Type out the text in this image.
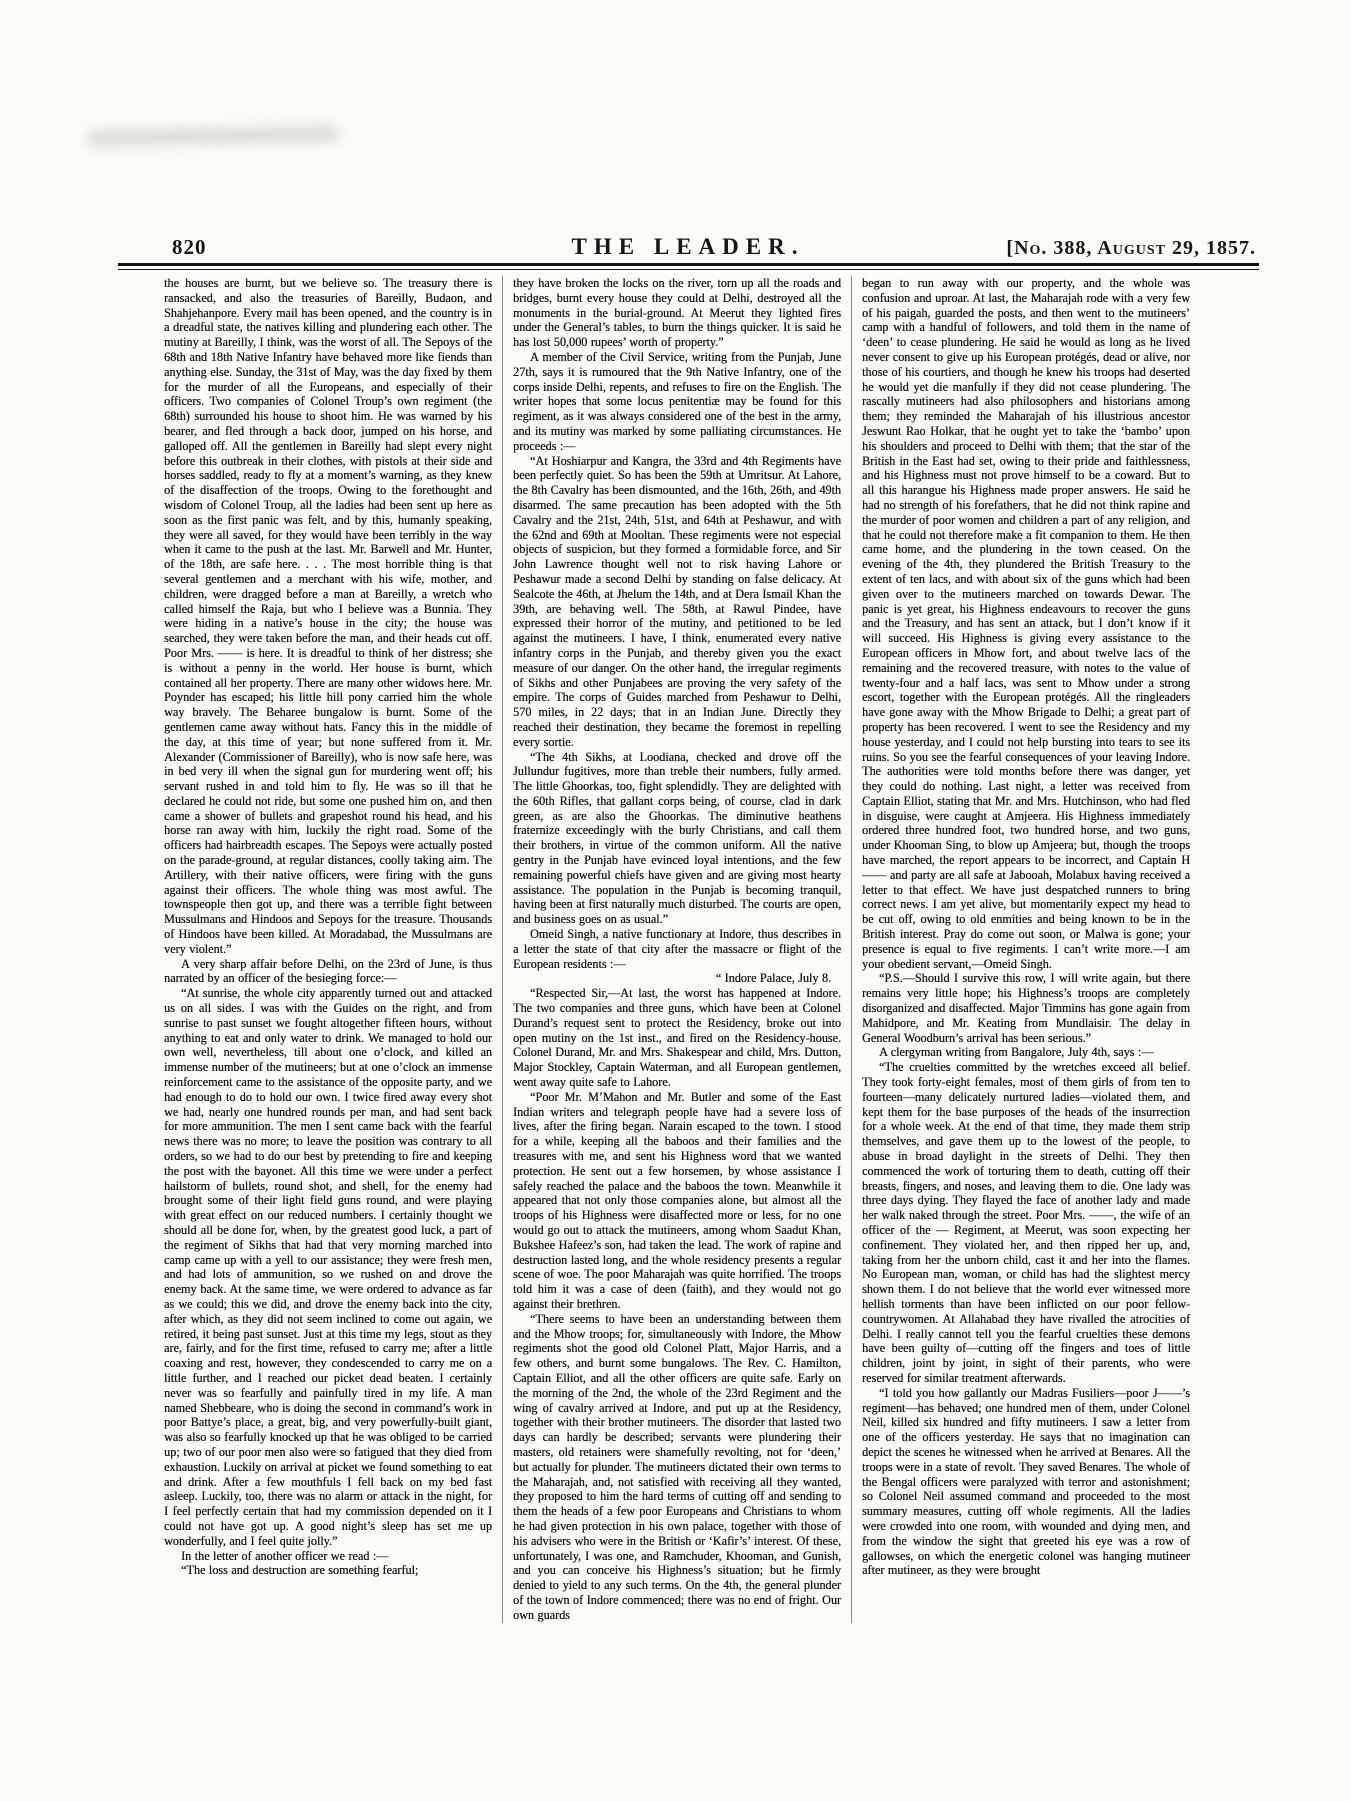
820	THE LEADER.	[No. 388, August 29, 1857.

the houses are burnt, but we believe so. The treasury there is ransacked, and also the treasuries of Bareilly, Budaon, and Shahjehanpore. Every mail has been opened, and the country is in a dreadful state, the natives killing and plundering each other. The mutiny at Bareilly, I think, was the worst of all. The Sepoys of the 68th and 18th Native Infantry have behaved more like fiends than anything else. Sunday, the 31st of May, was the day fixed by them for the murder of all the Europeans, and especially of their officers. Two companies of Colonel Troup’s own regiment (the 68th) surrounded his house to shoot him. He was warned by his bearer, and fled through a back door, jumped on his horse, and galloped off. All the gentlemen in Bareilly had slept every night before this outbreak in their clothes, with pistols at their side and horses saddled, ready to fly at a moment’s warning, as they knew of the disaffection of the troops. Owing to the forethought and wisdom of Colonel Troup, all the ladies had been sent up here as soon as the first panic was felt, and by this, humanly speaking, they were all saved, for they would have been terribly in the way when it came to the push at the last. Mr. Barwell and Mr. Hunter, of the 18th, are safe here. . . . The most horrible thing is that several gentlemen and a merchant with his wife, mother, and children, were dragged before a man at Bareilly, a wretch who called himself the Raja, but who I believe was a Bunnia. They were hiding in a native’s house in the city; the house was searched, they were taken before the man, and their heads cut off. Poor Mrs. —— is here. It is dreadful to think of her distress; she is without a penny in the world. Her house is burnt, which contained all her property. There are many other widows here. Mr. Poynder has escaped; his little hill pony carried him the whole way bravely. The Beharee bungalow is burnt. Some of the gentlemen came away without hats. Fancy this in the middle of the day, at this time of year; but none suffered from it. Mr. Alexander (Commissioner of Bareilly), who is now safe here, was in bed very ill when the signal gun for murdering went off; his servant rushed in and told him to fly. He was so ill that he declared he could not ride, but some one pushed him on, and then came a shower of bullets and grapeshot round his head, and his horse ran away with him, luckily the right road. Some of the officers had hairbreadth escapes. The Sepoys were actually posted on the parade-ground, at regular distances, coolly taking aim. The Artillery, with their native officers, were firing with the guns against their officers. The whole thing was most awful. The townspeople then got up, and there was a terrible fight between Mussulmans and Hindoos and Sepoys for the treasure. Thousands of Hindoos have been killed. At Moradabad, the Mussulmans are very violent.”

A very sharp affair before Delhi, on the 23rd of June, is thus narrated by an officer of the besieging force:—

“At sunrise, the whole city apparently turned out and attacked us on all sides. I was with the Guides on the right, and from sunrise to past sunset we fought altogether fifteen hours, without anything to eat and only water to drink. We managed to hold our own well, nevertheless, till about one o’clock, and killed an immense number of the mutineers; but at one o’clock an immense reinforcement came to the assistance of the opposite party, and we had enough to do to hold our own. I twice fired away every shot we had, nearly one hundred rounds per man, and had sent back for more ammunition. The men I sent came back with the fearful news there was no more; to leave the position was contrary to all orders, so we had to do our best by pretending to fire and keeping the post with the bayonet. All this time we were under a perfect hailstorm of bullets, round shot, and shell, for the enemy had brought some of their light field guns round, and were playing with great effect on our reduced numbers. I certainly thought we should all be done for, when, by the greatest good luck, a part of the regiment of Sikhs that had that very morning marched into camp came up with a yell to our assistance; they were fresh men, and had lots of ammunition, so we rushed on and drove the enemy back. At the same time, we were ordered to advance as far as we could; this we did, and drove the enemy back into the city, after which, as they did not seem inclined to come out again, we retired, it being past sunset. Just at this time my legs, stout as they are, fairly, and for the first time, refused to carry me; after a little coaxing and rest, however, they condescended to carry me on a little further, and I reached our picket dead beaten. I certainly never was so fearfully and painfully tired in my life. A man named Shebbeare, who is doing the second in command’s work in poor Battye’s place, a great, big, and very powerfully-built giant, was also so fearfully knocked up that he was obliged to be carried up; two of our poor men also were so fatigued that they died from exhaustion. Luckily on arrival at picket we found something to eat and drink. After a few mouthfuls I fell back on my bed fast asleep. Luckily, too, there was no alarm or attack in the night, for I feel perfectly certain that had my commission depended on it I could not have got up. A good night’s sleep has set me up wonderfully, and I feel quite jolly.”

In the letter of another officer we read :—

“The loss and destruction are something fearful;

they have broken the locks on the river, torn up all the roads and bridges, burnt every house they could at Delhi, destroyed all the monuments in the burial-ground. At Meerut they lighted fires under the General’s tables, to burn the things quicker. It is said he has lost 50,000 rupees’ worth of property.”

A member of the Civil Service, writing from the Punjab, June 27th, says it is rumoured that the 9th Native Infantry, one of the corps inside Delhi, repents, and refuses to fire on the English. The writer hopes that some locus penitentiæ may be found for this regiment, as it was always considered one of the best in the army, and its mutiny was marked by some palliating circumstances. He proceeds :—

“At Hoshiarpur and Kangra, the 33rd and 4th Regiments have been perfectly quiet. So has been the 59th at Umritsur. At Lahore, the 8th Cavalry has been dismounted, and the 16th, 26th, and 49th disarmed. The same precaution has been adopted with the 5th Cavalry and the 21st, 24th, 51st, and 64th at Peshawur, and with the 62nd and 69th at Mooltan. These regiments were not especial objects of suspicion, but they formed a formidable force, and Sir John Lawrence thought well not to risk having Lahore or Peshawur made a second Delhi by standing on false delicacy. At Sealcote the 46th, at Jhelum the 14th, and at Dera Ismail Khan the 39th, are behaving well. The 58th, at Rawul Pindee, have expressed their horror of the mutiny, and petitioned to be led against the mutineers. I have, I think, enumerated every native infantry corps in the Punjab, and thereby given you the exact measure of our danger. On the other hand, the irregular regiments of Sikhs and other Punjabees are proving the very safety of the empire. The corps of Guides marched from Peshawur to Delhi, 570 miles, in 22 days; that in an Indian June. Directly they reached their destination, they became the foremost in repelling every sortie.

“The 4th Sikhs, at Loodiana, checked and drove off the Jullundur fugitives, more than treble their numbers, fully armed. The little Ghoorkas, too, fight splendidly. They are delighted with the 60th Rifles, that gallant corps being, of course, clad in dark green, as are also the Ghoorkas. The diminutive heathens fraternize exceedingly with the burly Christians, and call them their brothers, in virtue of the common uniform. All the native gentry in the Punjab have evinced loyal intentions, and the few remaining powerful chiefs have given and are giving most hearty assistance. The population in the Punjab is becoming tranquil, having been at first naturally much disturbed. The courts are open, and business goes on as usual.”

Omeid Singh, a native functionary at Indore, thus describes in a letter the state of that city after the massacre or flight of the European residents :—

“ Indore Palace, July 8.

“Respected Sir,—At last, the worst has happened at Indore. The two companies and three guns, which have been at Colonel Durand’s request sent to protect the Residency, broke out into open mutiny on the 1st inst., and fired on the Residency-house. Colonel Durand, Mr. and Mrs. Shakespear and child, Mrs. Dutton, Major Stockley, Captain Waterman, and all European gentlemen, went away quite safe to Lahore.

“Poor Mr. M’Mahon and Mr. Butler and some of the East Indian writers and telegraph people have had a severe loss of lives, after the firing began. Narain escaped to the town. I stood for a while, keeping all the baboos and their families and the treasures with me, and sent his Highness word that we wanted protection. He sent out a few horsemen, by whose assistance I safely reached the palace and the baboos the town. Meanwhile it appeared that not only those companies alone, but almost all the troops of his Highness were disaffected more or less, for no one would go out to attack the mutineers, among whom Saadut Khan, Bukshee Hafeez’s son, had taken the lead. The work of rapine and destruction lasted long, and the whole residency presents a regular scene of woe. The poor Maharajah was quite horrified. The troops told him it was a case of deen (faith), and they would not go against their brethren.

“There seems to have been an understanding between them and the Mhow troops; for, simultaneously with Indore, the Mhow regiments shot the good old Colonel Platt, Major Harris, and a few others, and burnt some bungalows. The Rev. C. Hamilton, Captain Elliot, and all the other officers are quite safe. Early on the morning of the 2nd, the whole of the 23rd Regiment and the wing of cavalry arrived at Indore, and put up at the Residency, together with their brother mutineers. The disorder that lasted two days can hardly be described; servants were plundering their masters, old retainers were shamefully revolting, not for ‘deen,’ but actually for plunder. The mutineers dictated their own terms to the Maharajah, and, not satisfied with receiving all they wanted, they proposed to him the hard terms of cutting off and sending to them the heads of a few poor Europeans and Christians to whom he had given protection in his own palace, together with those of his advisers who were in the British or ‘Kafir’s’ interest. Of these, unfortunately, I was one, and Ramchuder, Khooman, and Gunish, and you can conceive his Highness’s situation; but he firmly denied to yield to any such terms. On the 4th, the general plunder of the town of Indore commenced; there was no end of fright. Our own guards

began to run away with our property, and the whole was confusion and uproar. At last, the Maharajah rode with a very few of his paigah, guarded the posts, and then went to the mutineers’ camp with a handful of followers, and told them in the name of ‘deen’ to cease plundering. He said he would as long as he lived never consent to give up his European protégés, dead or alive, nor those of his courtiers, and though he knew his troops had deserted he would yet die manfully if they did not cease plundering. The rascally mutineers had also philosophers and historians among them; they reminded the Maharajah of his illustrious ancestor Jeswunt Rao Holkar, that he ought yet to take the ‘bambo’ upon his shoulders and proceed to Delhi with them; that the star of the British in the East had set, owing to their pride and faithlessness, and his Highness must not prove himself to be a coward. But to all this harangue his Highness made proper answers. He said he had no strength of his forefathers, that he did not think rapine and the murder of poor women and children a part of any religion, and that he could not therefore make a fit companion to them. He then came home, and the plundering in the town ceased. On the evening of the 4th, they plundered the British Treasury to the extent of ten lacs, and with about six of the guns which had been given over to the mutineers marched on towards Dewar. The panic is yet great, his Highness endeavours to recover the guns and the Treasury, and has sent an attack, but I don’t know if it will succeed. His Highness is giving every assistance to the European officers in Mhow fort, and about twelve lacs of the remaining and the recovered treasure, with notes to the value of twenty-four and a half lacs, was sent to Mhow under a strong escort, together with the European protégés. All the ringleaders have gone away with the Mhow Brigade to Delhi; a great part of property has been recovered. I went to see the Residency and my house yesterday, and I could not help bursting into tears to see its ruins. So you see the fearful consequences of your leaving Indore. The authorities were told months before there was danger, yet they could do nothing. Last night, a letter was received from Captain Elliot, stating that Mr. and Mrs. Hutchinson, who had fled in disguise, were caught at Amjeera. His Highness immediately ordered three hundred foot, two hundred horse, and two guns, under Khooman Sing, to blow up Amjeera; but, though the troops have marched, the report appears to be incorrect, and Captain H—— and party are all safe at Jabooah, Molabux having received a letter to that effect. We have just despatched runners to bring correct news. I am yet alive, but momentarily expect my head to be cut off, owing to old enmities and being known to be in the British interest. Pray do come out soon, or Malwa is gone; your presence is equal to five regiments. I can’t write more.—I am your obedient servant,—Omeid Singh.

“P.S.—Should I survive this row, I will write again, but there remains very little hope; his Highness’s troops are completely disorganized and disaffected. Major Timmins has gone again from Mahidpore, and Mr. Keating from Mundlaisir. The delay in General Woodburn’s arrival has been serious.”

A clergyman writing from Bangalore, July 4th, says :—

“The cruelties committed by the wretches exceed all belief. They took forty-eight females, most of them girls of from ten to fourteen—many delicately nurtured ladies—violated them, and kept them for the base purposes of the heads of the insurrection for a whole week. At the end of that time, they made them strip themselves, and gave them up to the lowest of the people, to abuse in broad daylight in the streets of Delhi. They then commenced the work of torturing them to death, cutting off their breasts, fingers, and noses, and leaving them to die. One lady was three days dying. They flayed the face of another lady and made her walk naked through the street. Poor Mrs. ——, the wife of an officer of the — Regiment, at Meerut, was soon expecting her confinement. They violated her, and then ripped her up, and, taking from her the unborn child, cast it and her into the flames. No European man, woman, or child has had the slightest mercy shown them. I do not believe that the world ever witnessed more hellish torments than have been inflicted on our poor fellow-countrywomen. At Allahabad they have rivalled the atrocities of Delhi. I really cannot tell you the fearful cruelties these demons have been guilty of—cutting off the fingers and toes of little children, joint by joint, in sight of their parents, who were reserved for similar treatment afterwards.

“I told you how gallantly our Madras Fusiliers—poor J——’s regiment—has behaved; one hundred men of them, under Colonel Neil, killed six hundred and fifty mutineers. I saw a letter from one of the officers yesterday. He says that no imagination can depict the scenes he witnessed when he arrived at Benares. All the troops were in a state of revolt. They saved Benares. The whole of the Bengal officers were paralyzed with terror and astonishment; so Colonel Neil assumed command and proceeded to the most summary measures, cutting off whole regiments. All the ladies were crowded into one room, with wounded and dying men, and from the window the sight that greeted his eye was a row of gallowses, on which the energetic colonel was hanging mutineer after mutineer, as they were brought
